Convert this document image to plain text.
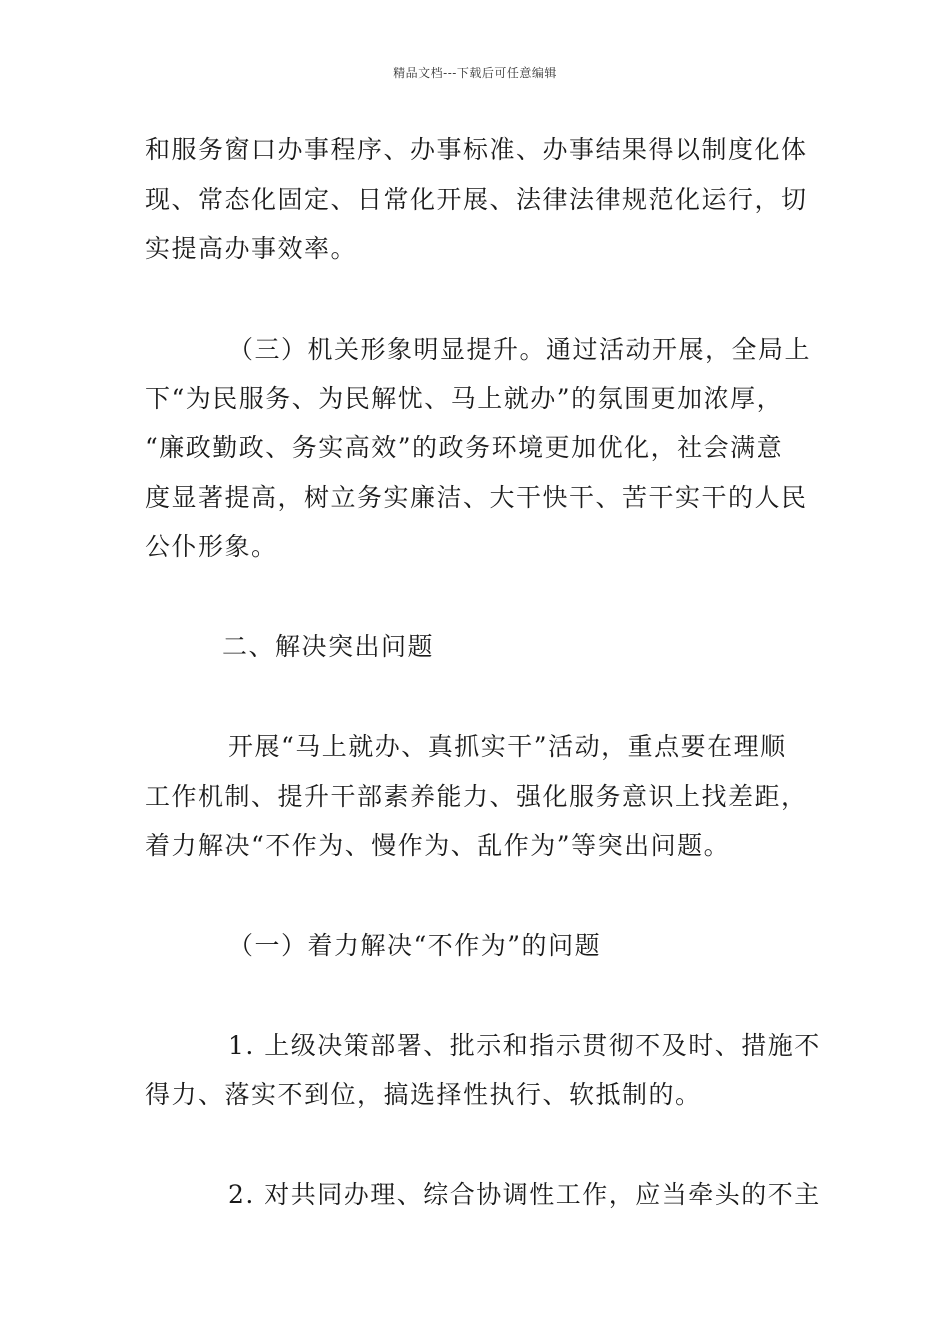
精品文档---下载后可任意编辑
和服务窗口办事程序、办事标准、办事结果得以制度化体
现、常态化固定、日常化开展、法律法律规范化运行，切
实提高办事效率。
（三）机关形象明显提升。通过活动开展，全局上
下“为民服务、为民解忧、马上就办”的氛围更加浓厚，
“廉政勤政、务实高效”的政务环境更加优化，社会满意
度显著提高，树立务实廉洁、大干快干、苦干实干的人民
公仆形象。
二、解决突出问题
开展“马上就办、真抓实干”活动，重点要在理顺
工作机制、提升干部素养能力、强化服务意识上找差距，
着力解决“不作为、慢作为、乱作为”等突出问题。
（一）着力解决“不作为”的问题
1. 上级决策部署、批示和指示贯彻不及时、措施不
得力、落实不到位，搞选择性执行、软抵制的。
2. 对共同办理、综合协调性工作，应当牵头的不主
